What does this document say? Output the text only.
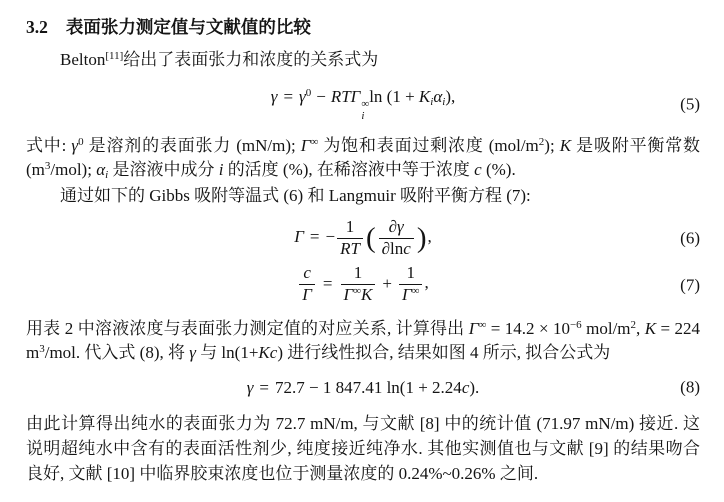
3.2 表面张力测定值与文献值的比较

Belton[11]给出了表面张力和浓度的关系式为

$\gamma = \gamma^0 - RT\Gamma$ ∞
i
$\ln (1 + K_i\alpha_i)$,	(5)

式中: $\gamma^0$ 是溶剂的表面张力 (mN/m); Γ∞ 为饱和表面过剩浓度 $(mol/m^2)$; K 是吸附平衡常数 $(m^3/mol)$; $\alpha_i$ 是溶液中成分 i 的活度 (%), 在稀溶液中等于浓度 c (%).

通过如下的 Gibbs 吸附等温式 (6) 和 Langmuir 吸附平衡方程 (7):

Γ = − $\frac{1}{RT}$ ( $\frac{\partial\gamma}{\partial\ln c}$ ),	(6)
$\frac{c}{\Gamma} = \frac{1}{\Gamma^\infty K} + \frac{1}{\Gamma^\infty}$ ,	(7)

用表 2 中溶液浓度与表面张力测定值的对应关系, 计算得出 $\Gamma^\infty = 14.2 \times 10^{-6}$ mol/$m^2$, K = 224 $m^3$/mol. 代入式 (8), 将 γ 与 ln(1+Kc) 进行线性拟合, 结果如图 4 所示, 拟合公式为

γ = 72.7 − 1 847.41 ln(1 + 2.24c).	(8)

由此计算得出纯水的表面张力为 72.7 mN/m, 与文献 [8] 中的统计值 (71.97 mN/m) 接近. 这说明超纯水中含有的表面活性剂少, 纯度接近纯净水. 其他实测值也与文献 [9] 的结果吻合良好, 文献 [10] 中临界胶束浓度也位于测量浓度的 0.24%~0.26% 之间.
